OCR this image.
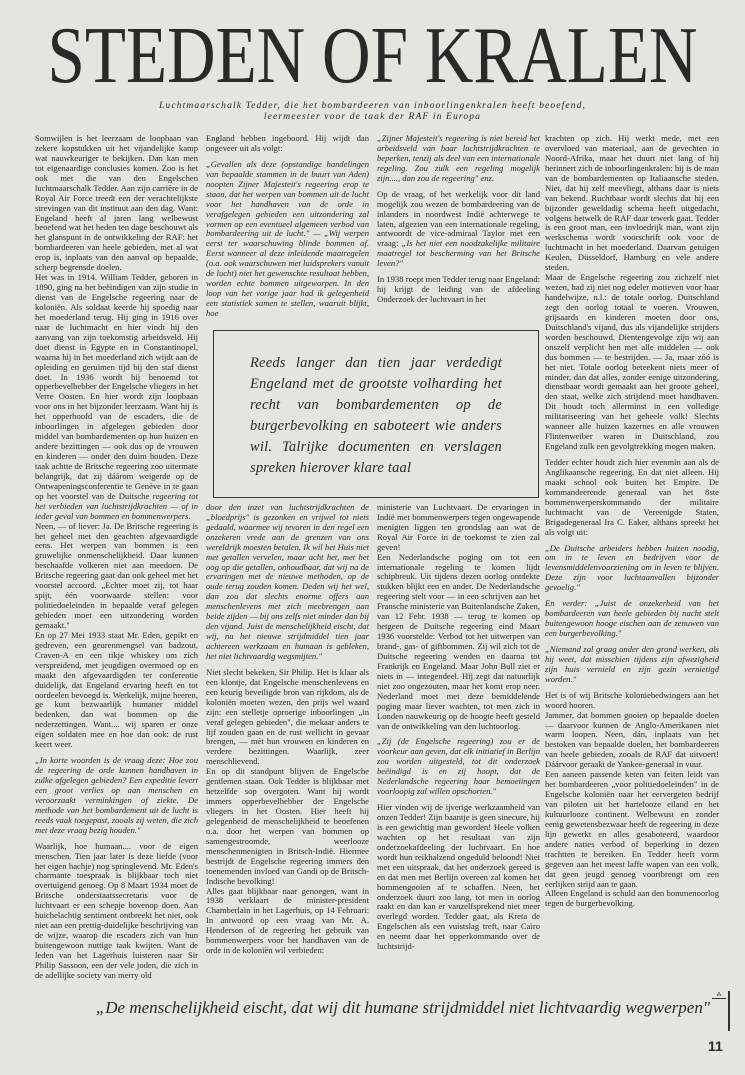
STEDEN OF KRALEN
Luchtmaarschalk Tedder, die het bombardeeren van inboorlingenkralen heeft beoefend, leermeester voor de taak der RAF in Europa

Somwijlen is het leerzaam de loopbaan van zekere kopstukken uit het vijandelijke kamp wat nauwkeuriger te bekijken. Dan kan men tot eigenaardige conclusies komen. Zoo is het ook met die van den Engelschen luchtmaarschalk Tedder. Aan zijn carrière in de Royal Air Force treedt een der verachtelijkste strevingen van dit instituut aan den dag. Want: Engeland heeft al jaren lang welbewust beoefend wat het heden ten dage beschouwt als het glanspunt in de ontwikkeling der RAF: het bombardeeren van heele gebieden, met al wat erop is, inplaats van den aanval op bepaalde, scherp begrensde doelen.

Het was in 1914. William Tedder, geboren in 1890, ging na het beëindigen van zijn studie in dienst van de Engelsche regeering naar de koloniën. Als soldaat keerde hij spoedig naar het moederland terug. Hij ging in 1916 over naar de luchtmacht en hier vindt hij den aanvang van zijn toekomstig arbeidsveld. Hij doet dienst in Egypte en in Constantinopel, waarna hij in het moederland zich wijdt aan de opleiding en geruimen tijd bij den staf dienst doet. In 1936 wordt hij benoemd tot opperbevelhebber der Engelsche vliegers in het Verre Oosten. En hier wordt zijn loopbaan voor ons in het bijzonder leerzaam. Want hij is het opperhoofd van de escaders, die de inboorlingen in afgelegen gebieden door middel van bombardementen op hun huizen en andere bezittingen — ook dus op de vrouwen en kinderen — onder den duim houden. Deze taak achtte de Britsche regeering zoo uitermate belangrijk, dat zij dáárom weigerde op de Ontwapeningsconferentie te Genève in te gaan op het voorstel van de Duitsche regeering tot het verbieden van luchtstrijdkrachten — of in ieder geval van bommen en bommenwerpers.

Neen, — of liever: Ja. De Britsche regeering is het geheel met den geachten afgevaardigde eens. Het werpen van bommen is een gruwelijke onmenschelijkheid. Daar kunnen beschaafde volkeren niet aan meedoen. De Britsche regeering gaat dan ook geheel met het voorstel accoord. „Echter moet zij, tot haar spijt, één voorwaarde stellen: voor politiedoeleinden in bepaalde veraf gelegen gebieden moet een uitzondering worden gemaakt."

En op 27 Mei 1933 staat Mr. Eden, gepikt en gedreven, een geurenmengsel van badzout, Craven-A en een tikje whiskey om zich verspreidend, met jeugdigen overmoed op en maakt den afgevaardigden ter conferentie duidelijk, dat Engeland ervaring heeft en tot oordeelen bevoegd is. Werkelijk, mijne heeren, ge kunt bezwaarlijk humaner middel bedenken, dan wat bommen op die nederzettingen. Want.... wij sparen er onze eigen soldaten mee en hoe dan ook: de rust keert weer.

„In korte woorden is de vraag deze: Hoe zou de regeering de orde kunnen handhaven in zulke afgelegen gebieden? Een expeditie levert een groot verlies op aan menschen en veroorzaakt verminkingen of ziekte. De methode van het bombardement uit de lucht is reeds vaak toegepast, zooals zij weten, die zich met deze vraag bezig houden."

Waarlijk, hoe humaan.... voor de eigen menschen. Tien jaar later is deze liefde (voor het eigen hachje) nog springlevend. Mr. Eden's charmante toespraak is blijkbaar toch niet overtuigend genoeg. Op 8 Maart 1934 moet de Britsche onderstaatssecretaris voor de luchtvaart er een schepje bovenop doen. Aan huichelachtig sentiment ontbreekt het niet, ook niet aan een prettig-duidelijke beschrijving van de wijze, waarop die escaders zich van hun buitengewoon nuttige taak kwijten. Want de leden van het Lagerhuis luisteren naar Sir Philip Sassoon, een der vele joden, die zich in de adellijke society van merry old

England hebben ingeboord. Hij wijdt dan ongeveer uit als volgt:

„Gevallen als deze (opstandige handelingen van bepaalde stammen in de buurt van Aden) noopten Zijner Majesteit's regeering erop te staan, dat het werpen van bommen uit de lucht voor het handhaven van de orde in verafgelegen gebieden een uitzondering zal vormen op een eventueel algemeen verbod van bombardeering uit de lucht." — „Wij werpen eerst ter waarschuwing blinde bommen af. Eerst wanneer al deze inleidende maatregelen (o.a. ook waarschuwen met luidsprekers vanuit de lucht) niet het gewenschte resultaat hebben, worden echte bommen uitgeworpen. In den loop van het vorige jaar had ik gelegenheid een statistiek samen te stellen, waaruit blijkt, hoe

„Zijner Majesteit's regeering is niet bereid het arbeidsveld van haar luchtstrijdkrachten te beperken, tenzij als deel van een internationale regeling. Zou zulk een regeling mogelijk zijn...., dan zou de regeering" enz.

Op de vraag, of het werkelijk voor dit land mogelijk zou wezen de bombardeering van de inlanders in noordwest Indië achterwege te laten, afgezien van een internationale regeling, antwoordt de vice-admiraal Taylor met een vraag: „Is het niet een noodzakelijke militaire maatregel tot bescherming van het Britsche leven?"

In 1938 roept men Tedder terug naar Engeland: hij krijgt de leiding van de afdeeling Onderzoek der luchtvaart in het

Reeds langer dan tien jaar verdedigt Engeland met de grootste volharding het recht van bombardementen op de burgerbevolking en saboteert wie anders wil. Talrijke documenten en verslagen spreken hierover klare taal

door den inzet van luchtstrijdkrachten de „bloedprijs" is gezonken en vrijwel tot niets gedaald, waarmee wij tevoren in den regel een onzekeren vrede aan de grenzen van ons wereldrijk moesten betalen. Ik wil het Huis niet met getallen vervelen, maar acht het, met het oog op die getallen, onhoudbaar, dat wij na de ervaringen met de nieuwe methoden, op de oude terug zouden komen. Deden wij het wel, dan zou dat slechts enorme offers aan menschenlevens met zich meebrengen aan beide zijden — bij ons zelfs niet minder dan bij den vijand. Juist de menschelijkheid eischt, dat wij, nu het nieuwe strijdmiddel tien jaar achtereen werkzaam en humaan is gebleken, het niet lichtvaardig wegsmijten."

Niet slecht bekeken, Sir Philip. Het is klaar als een klontje, dat Engelsche menschenlevens en een keurig beveiligde bron van rijkdom, als de koloniën moeten wezen, den prijs wel waard zijn: een stelletje oproerige inboorlingen „in veraf gelegen gebieden", die mekaar anders te lijf zouden gaan en de rust wellicht in gevaar brengen, — mèt hun vrouwen en kinderen en verdere bezittingen. Waarlijk, zeer menschlievend.

En op dit standpunt blijven de Engelsche gentlemen staan. Ook Tedder is blijkbaar met hetzelfde sop overgoten. Want hij wordt immers opperbevelhebber der Engelsche vliegers in het Oosten. Hier heeft hij gelegenheid de menschelijkheid te beoefenen o.a. door het werpen van bommen op samengestroomde, weerlooze menschenmenigten in Britsch-Indië. Hiermee bestrijdt de Engelsche regeering immers den toenemenden invloed van Gandi op de Britsch-Indische bevolking!

Alles gaat blijkbaar naar genoegen, want in 1938 verklaart de minister-president Chamberlain in het Lagerhuis, op 14 Februari: In antwoord op een vraag van Mr. A. Henderson of de regeering het gebruik van bommenwerpers voor het handhaven van de orde in de koloniën wil verbieden:

ministerie van Luchtvaart. De ervaringen in Indië met bommenwerpers tegen ongewapende menigten liggen ten grondslag aan wat de Royal Air Force in de toekomst te zien zal geven!

Een Nederlandsche poging om tot een internationale regeling te komen lijdt schipbreuk. Uit tijdens dezen oorlog ontdekte stukken blijkt een en ander. De Nederlandsche regeering stelt voor — in een schrijven aan het Fransche ministerie van Buitenlandsche Zaken, van 12 Febr. 1938 — terug te komen op hetgeen de Duitsche regeering eind Maart 1936 voorstelde: Verbod tot het uitwerpen van brand-, gas- of giftbommen. Zij wil zich tot de Duitsche regeering wenden en daarna tot Frankrijk en Engeland. Maar John Bull ziet er niets in — integendeel. Hij zegt dat natuurlijk niet zoo ongezouten, maar het komt erop neer. Nederland moet met deze bemiddelende poging maar liever wachten, tot men zich in Londen nauwkeurig op de hoogte heeft gesteld van de ontwikkeling van den luchtoorlog.

„Zij (de Engelsche regeering) zou er de voorkeur aan geven, dat elk initiatief in Berlijn zou worden uitgesteld, tot dit onderzoek beëindigd is en zij hoopt, dat de Nederlandsche regeering haar bemoeiingen voorloopig zal willen opschorten."

Hier vinden wij de ijverige werkzaamheid van onzen Tedder! Zijn baantje is geen sinecure, hij is een gewichtig man geworden! Heele volken wachten op het resultaat van zijn onderzoekafdeeling der luchtvaart. En hoe wordt hun reikhalzend ongeduld beloond! Niet met een uitspraak, dat het onderzoek gereed is en dat men met Berlijn overeen zal komen het bommengooien af te schaffen. Neen, het onderzoek duurt zoo lang, tot men in oorlog raakt en dan kan er vanzelfsprekend niet meer overlegd worden. Tedder gaat, als Kreta de Engelschen als een vuistslag treft, naar Cairo en neemt daar het opperkommando over de luchtstrijd-

krachten op zich. Hij werkt mede, met een overvloed van materiaal, aan de gevechten in Noord-Afrika, maar het duurt niet lang of hij herinnert zich de inboorlingenkralen: hij is de man van de bombardementen op Italiaansche steden. Niet, dat hij zelf meevliegt, althans daar is niets van bekend. Ruchtbaar wordt slechts dat hij een bijzonder geweldadig schema heeft uitgedacht, volgens hetwelk de RAF daar tewerk gaat. Tedder is een groot man, een invloedrijk man, want zijn werkschema wordt voorschrift ook voor de luchtmacht in het moederland. Daarvan getuigen Keulen, Düsseldorf, Hamburg en vele andere steden.

Maar de Engelsche regeering zou zichzelf niet wezen, had zij niet nog edeler motieven voor haar handelwijze, n.l.: de totale oorlog. Duitschland zegt den oorlog totaal te voeren. Vrouwen, grijsaards en kinderen moeten door ons, Duitschland's vijand, dus als vijandelijke strijders worden beschouwd. Dientengevolge zijn wij aan onszelf verplicht hen met alle middelen — ook dus bommen — te bestrijden. — Ja, maar zóó is het niet. Totale oorlog beteekent niets meer of minder, dan dat alles, zonder eenige uitzondering, dienstbaar wordt gemaakt aan het groote geheel, den staat, welke zich strijdend moet handhaven. Dit houdt toch allerminst in een volledige militariseering van het geheele volk! Slechts wanneer alle huizen kazernes en alle vrouwen Flintenweiber waren in Duitschland, zou Engeland zulk een gevolgtrekking mogen maken.

Tedder echter houdt zich hier evenmin aan als de Anglikaansche regeering. En dat niet alleen. Hij maakt school ook buiten het Empire. De kommandeerende generaal van het 8ste bommenwerperskommando der militaire luchtmacht van de Vereenigde Staten, Brigadegeneraal Ira C. Eaker, althans spreekt het als volgt uit:

„De Duitsche arbeiders hebben huizen noodig, om in te leven en bedrijven voor de levensmiddelenvoorziening om in leven te blijven. Deze zijn voor luchtaanvallen bijzonder gevoelig."

En verder: „Juist de onzekerheid van het bombardeeren van heele gebieden bij nacht stelt buitengewoon hooge eischen aan de zenuwen van een burgerbevolking."

„Niemand zal graag onder den grond werken, als hij weet, dat misschien tijdens zijn afwezigheid zijn huis vernield en zijn gezin vernietigd worden."

Het is of wij Britsche koloniebedwingers aan het woord hooren.

Jammer, dat bommen gooien op bepaalde doelen — daarvoor kunnen de Anglo-Amerikanen niet warm loopen. Neen, dán, inplaats van het bestoken van bepaalde doelen, het bombardeeren van heele gebieden, zooals de RAF dat uitvoert! Dáárvoor geraakt de Yankee-generaal in vuur.

Een aaneen passende keten van feiten leidt van het bombardeeren „voor politiedoeleinden" in de Engelsche koloniën naar het eervergeten bedrijf van piloten uit het hartelooze eiland en het kultuurlooze continent. Welbewust en zonder eenig gewetensbezwaar heeft de regeering in deze lijn gewerkt en alles gesaboteerd, waardoor andere naties verbod of beperking in dezen trachtten te bereiken. En Tedder heeft vorm gegeven aan het meest laffe wapen van een volk, dat geen jeugd genoeg voortbrengt om een eerlijken strijd aan te gaan.

Alleen Engeland is schuld aan den bommenoorlog tegen de burgerbevolking.

„De menschelijkheid eischt, dat wij dit humane strijdmiddel niet lichtvaardig wegwerpen"
⁂
11
